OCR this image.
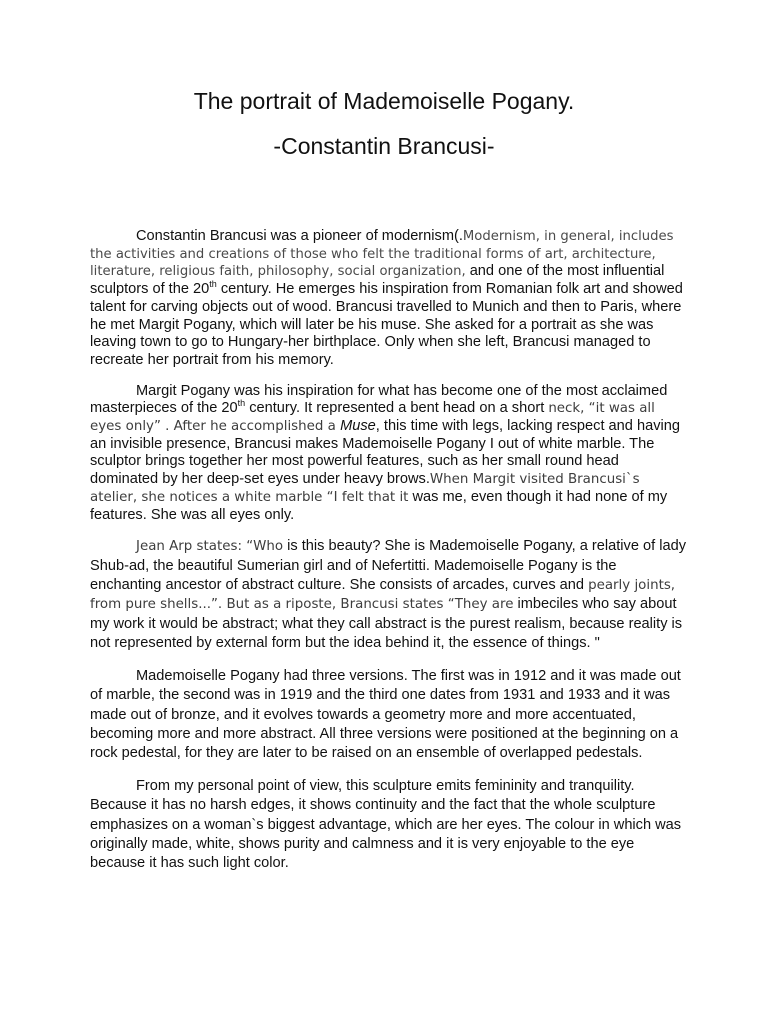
The portrait of Mademoiselle Pogany.
-Constantin Brancusi-

Constantin Brancusi was a pioneer of modernism(.Modernism, in general, includes the activities and creations of those who felt the traditional forms of art, architecture, literature, religious faith, philosophy, social organization, and one of the most influential sculptors of the 20th century. He emerges his inspiration from Romanian folk art and showed talent for carving objects out of wood. Brancusi travelled to Munich and then to Paris, where he met Margit Pogany, which will later be his muse. She asked for a portrait as she was leaving town to go to Hungary-her birthplace. Only when she left, Brancusi managed to recreate her portrait from his memory.

Margit Pogany was his inspiration for what has become one of the most acclaimed masterpieces of the 20th century. It represented a bent head on a short neck, “it was all eyes only” . After he accomplished a Muse, this time with legs, lacking respect and having an invisible presence, Brancusi makes Mademoiselle Pogany I out of white marble. The sculptor brings together her most powerful features, such as her small round head dominated by her deep-set eyes under heavy brows.When Margit visited Brancusi`s atelier, she notices a white marble “I felt that it was me, even though it had none of my features. She was all eyes only.

Jean Arp states: “Who is this beauty? She is Mademoiselle Pogany, a relative of lady Shub-ad, the beautiful Sumerian girl and of Nefertitti. Mademoiselle Pogany is the enchanting ancestor of abstract culture. She consists of arcades, curves and pearly joints, from pure shells...”. But as a riposte, Brancusi states “They are imbeciles who say about my work it would be abstract; what they call abstract is the purest realism, because reality is not represented by external form but the idea behind it, the essence of things. "

Mademoiselle Pogany had three versions. The first was in 1912 and it was made out of marble, the second was in 1919 and the third one dates from 1931 and 1933 and it was made out of bronze, and it evolves towards a geometry more and more accentuated, becoming more and more abstract. All three versions were positioned at the beginning on a rock pedestal, for they are later to be raised on an ensemble of overlapped pedestals.

From my personal point of view, this sculpture emits femininity and tranquility. Because it has no harsh edges, it shows continuity and the fact that the whole sculpture emphasizes on a woman`s biggest advantage, which are her eyes. The colour in which was originally made, white, shows purity and calmness and it is very enjoyable to the eye because it has such light color.
